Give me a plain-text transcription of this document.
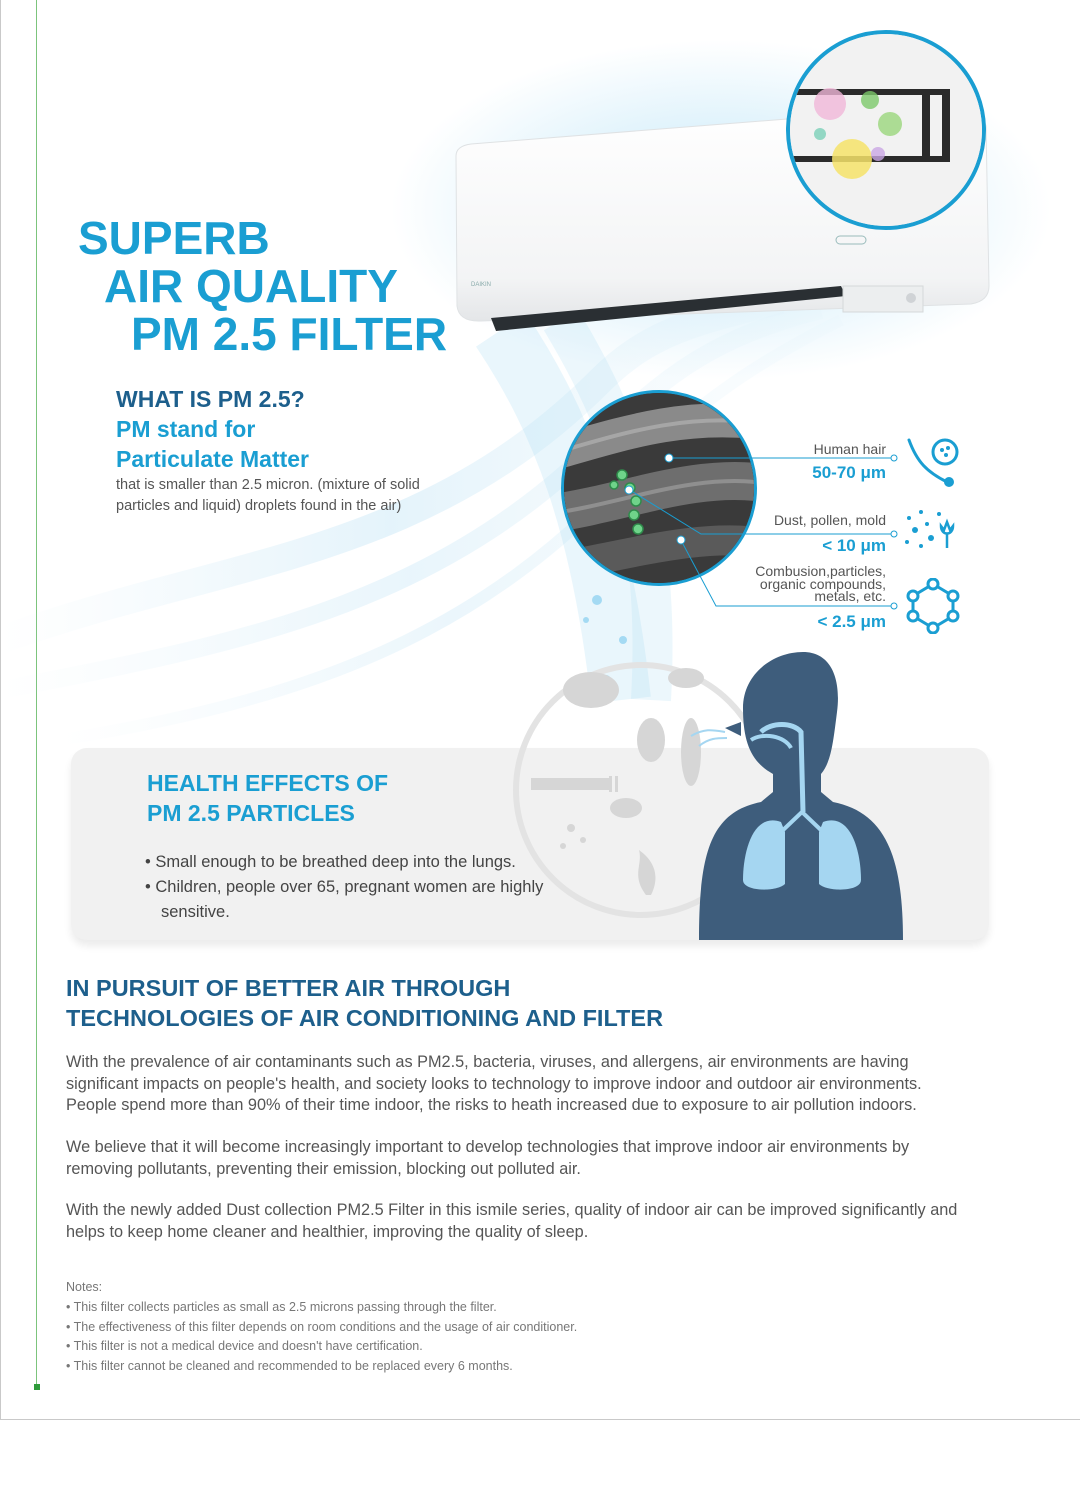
SUPERB
AIR QUALITY
PM 2.5 FILTER
DAIKIN

WHAT IS PM 2.5?

PM stand for

Particulate Matter

that is smaller than 2.5 micron. (mixture of solid particles and liquid) droplets found in the air)

Human hair
50-70 μm
Dust, pollen, mold
< 10 μm
Combusion,particles, organic compounds, metals, etc.
< 2.5 μm

HEALTH EFFECTS OF

PM 2.5 PARTICLES

• Small enough to be breathed deep into the lungs.
• Children, people over 65, pregnant women are highly sensitive.

IN PURSUIT OF BETTER AIR THROUGH

TECHNOLOGIES OF AIR CONDITIONING AND FILTER

With the prevalence of air contaminants such as PM2.5, bacteria, viruses, and allergens, air environments are having significant impacts on people's health, and society looks to technology to improve indoor and outdoor air environments. People spend more than 90% of their time indoor, the risks to heath increased due to exposure to air pollution indoors.

We believe that it will become increasingly important to develop technologies that improve indoor air environments by removing pollutants, preventing their emission, blocking out polluted air.

With the newly added Dust collection PM2.5 Filter in this ismile series, quality of indoor air can be improved significantly and helps to keep home cleaner and healthier, improving the quality of sleep.

Notes:

• This filter collects particles as small as 2.5 microns passing through the filter.
• The effectiveness of this filter depends on room conditions and the usage of air conditioner.
• This filter is not a medical device and doesn't have certification.
• This filter cannot be cleaned and recommended to be replaced every 6 months.
